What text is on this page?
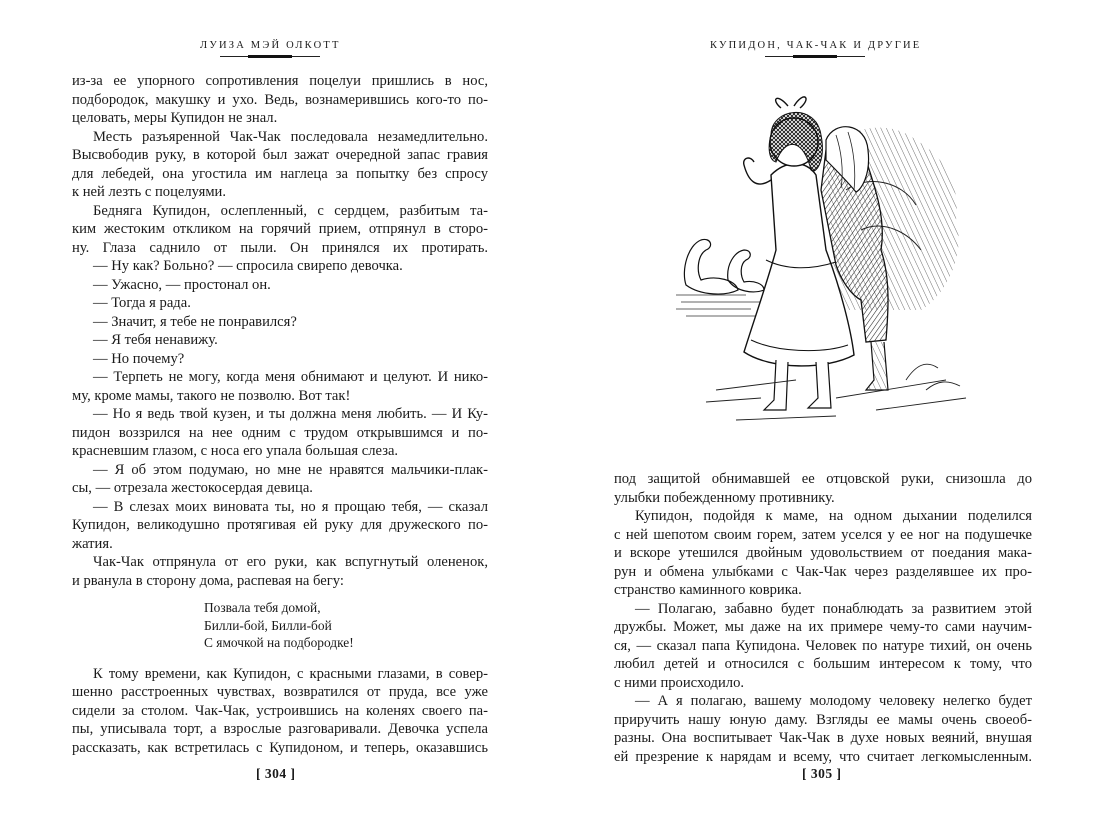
ЛУИЗА МЭЙ ОЛКОТТ

из-за ее упорного сопротивления поцелуи пришлись в нос,

подбородок, макушку и ухо. Ведь, вознамерившись кого-то по-

целовать, меры Купидон не знал.

Месть разъяренной Чак-Чак последовала незамедлительно.

Высвободив руку, в которой был зажат очередной запас гравия

для лебедей, она угостила им наглеца за попытку без спросу

к ней лезть с поцелуями.

Бедняга Купидон, ослепленный, с сердцем, разбитым та-

ким жестоким откликом на горячий прием, отпрянул в сторо-

ну. Глаза саднило от пыли. Он принялся их протирать.

— Ну как? Больно? — спросила свирепо девочка.

— Ужасно, — простонал он.

— Тогда я рада.

— Значит, я тебе не понравился?

— Я тебя ненавижу.

— Но почему?

— Терпеть не могу, когда меня обнимают и целуют. И нико-

му, кроме мамы, такого не позволю. Вот так!

— Но я ведь твой кузен, и ты должна меня любить. — И Ку-

пидон воззрился на нее одним с трудом открывшимся и по-

красневшим глазом, с носа его упала большая слеза.

— Я об этом подумаю, но мне не нравятся мальчики-плак-

сы, — отрезала жестокосердая девица.

— В слезах моих виновата ты, но я прощаю тебя, — сказал

Купидон, великодушно протягивая ей руку для дружеского по-

жатия.

Чак-Чак отпрянула от его руки, как вспугнутый олененок,

и рванула в сторону дома, распевая на бегу:

Позвала тебя домой,
Билли-бой, Билли-бой
С ямочкой на подбородке!

К тому времени, как Купидон, с красными глазами, в совер-

шенно расстроенных чувствах, возвратился от пруда, все уже

сидели за столом. Чак-Чак, устроившись на коленях своего па-

пы, уписывала торт, а взрослые разговаривали. Девочка успела

рассказать, как встретилась с Купидоном, и теперь, оказавшись

[ 304 ]
КУПИДОН, ЧАК-ЧАК И ДРУГИЕ

под защитой обнимавшей ее отцовской руки, снизошла до

улыбки побежденному противнику.

Купидон, подойдя к маме, на одном дыхании поделился

с ней шепотом своим горем, затем уселся у ее ног на подушечке

и вскоре утешился двойным удовольствием от поедания макa-

рун и обмена улыбками с Чак-Чак через разделявшее их про-

странство каминного коврика.

— Полагаю, забавно будет понаблюдать за развитием этой

дружбы. Может, мы даже на их примере чему-то сами научим-

ся, — сказал папа Купидона. Человек по натуре тихий, он очень

любил детей и относился с большим интересом к тому, что

с ними происходило.

— А я полагаю, вашему молодому человеку нелегко будет

приручить нашу юную даму. Взгляды ее мамы очень своеоб-

разны. Она воспитывает Чак-Чак в духе новых веяний, внушая

ей презрение к нарядам и всему, что считает легкомысленным.

[ 305 ]
